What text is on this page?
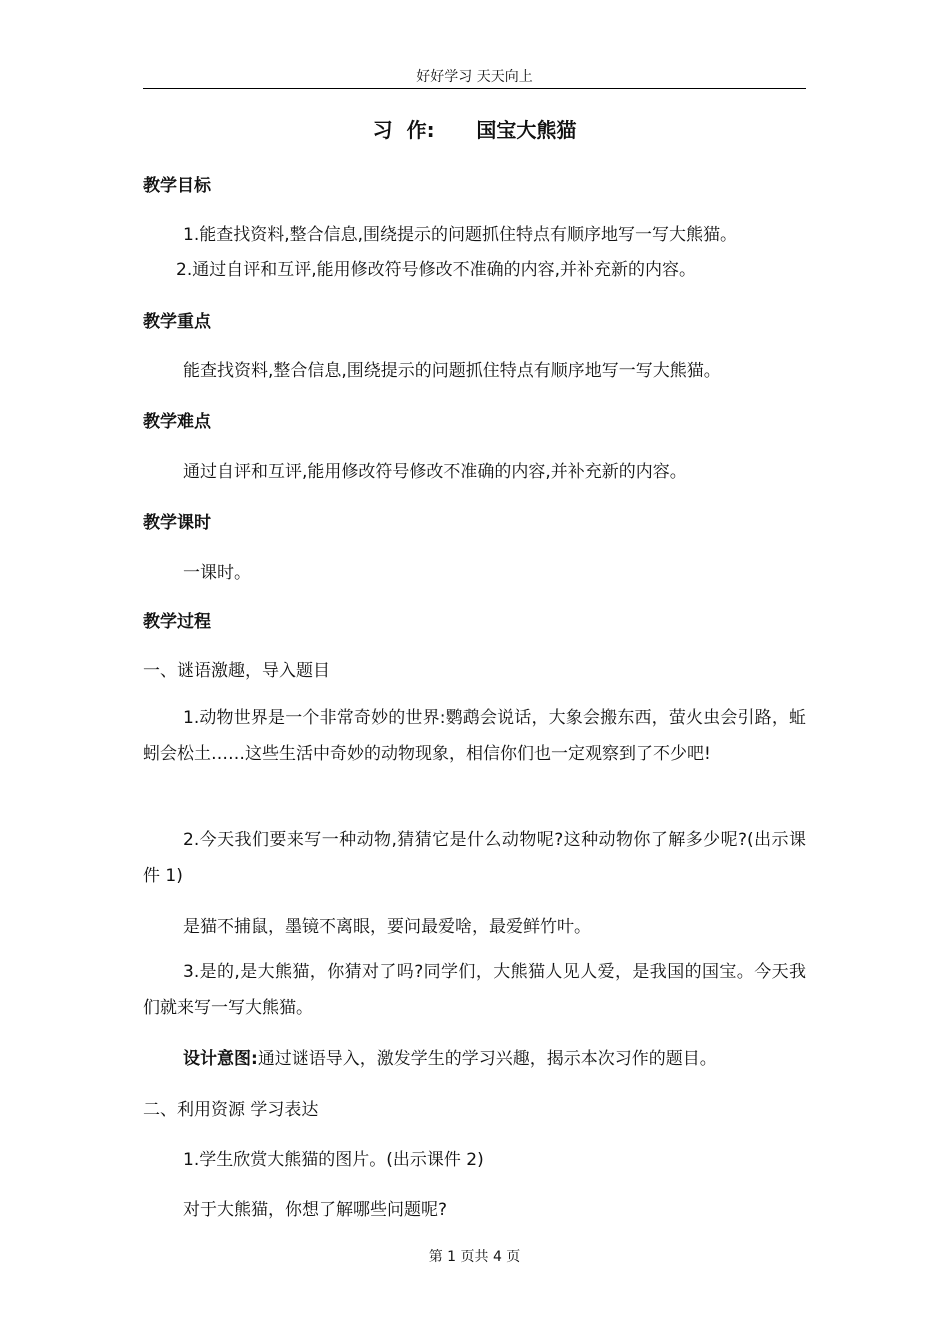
好好学习 天天向上
习  作:      国宝大熊猫
教学目标
1.能查找资料,整合信息,围绕提示的问题抓住特点有顺序地写一写大熊猫。
2.通过自评和互评,能用修改符号修改不准确的内容,并补充新的内容。
教学重点
能查找资料,整合信息,围绕提示的问题抓住特点有顺序地写一写大熊猫。
教学难点
通过自评和互评,能用修改符号修改不准确的内容,并补充新的内容。
教学课时
一课时。
教学过程
一、谜语激趣，导入题目
1.动物世界是一个非常奇妙的世界:鹦鹉会说话，大象会搬东西，萤火虫会引路，蚯蚓会松土……这些生活中奇妙的动物现象，相信你们也一定观察到了不少吧!
2.今天我们要来写一种动物,猜猜它是什么动物呢?这种动物你了解多少呢?(出示课件 1)
是猫不捕鼠，墨镜不离眼，要问最爱啥，最爱鲜竹叶。
3.是的,是大熊猫，你猜对了吗?同学们，大熊猫人见人爱，是我国的国宝。今天我们就来写一写大熊猫。
设计意图:通过谜语导入，激发学生的学习兴趣，揭示本次习作的题目。
二、利用资源 学习表达
1.学生欣赏大熊猫的图片。(出示课件 2)
对于大熊猫，你想了解哪些问题呢?
第 1 页共 4 页
